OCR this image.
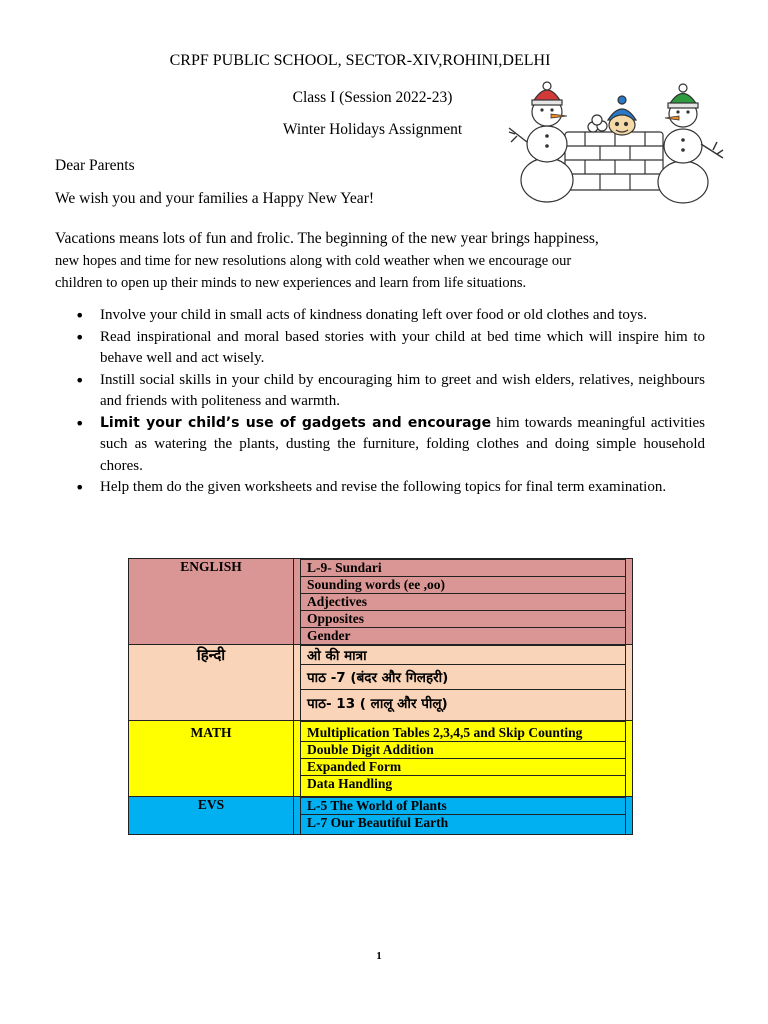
CRPF PUBLIC SCHOOL, SECTOR-XIV,ROHINI,DELHI
Class I (Session 2022-23)
Winter Holidays Assignment
Dear Parents
We wish you and your families a Happy New Year!
Vacations means lots of fun and frolic. The beginning of the new year brings happiness,
new hopes and time for new resolutions along with cold weather when we encourage our
children to open up their minds to new experiences and learn from life situations.
• Involve your child in small acts of kindness donating left over food or old clothes and toys.
• Read inspirational and moral based stories with your child at bed time which will inspire him to behave well and act wisely.
• Instill social skills in your child by encouraging him to greet and wish elders, relatives, neighbours and friends with politeness and warmth.
• Limit your child’s use of gadgets and encourage him towards meaningful activities such as watering the plants, dusting the furniture, folding clothes and doing simple household chores.
• Help them do the given worksheets and revise the following topics for final term examination.
ENGLISH		L-9- Sundari
Sounding words (ee ,oo)
Adjectives
Opposites
Gender

हिन्दी		ओ की मात्रा
पाठ -7 (बंदर और गिलहरी)
पाठ- 13 ( लालू और पीलू)

MATH		Multiplication Tables 2,3,4,5 and Skip Counting
Double Digit Addition
Expanded Form
Data Handling

EVS		L-5 The World of Plants
L-7 Our Beautiful Earth
1
